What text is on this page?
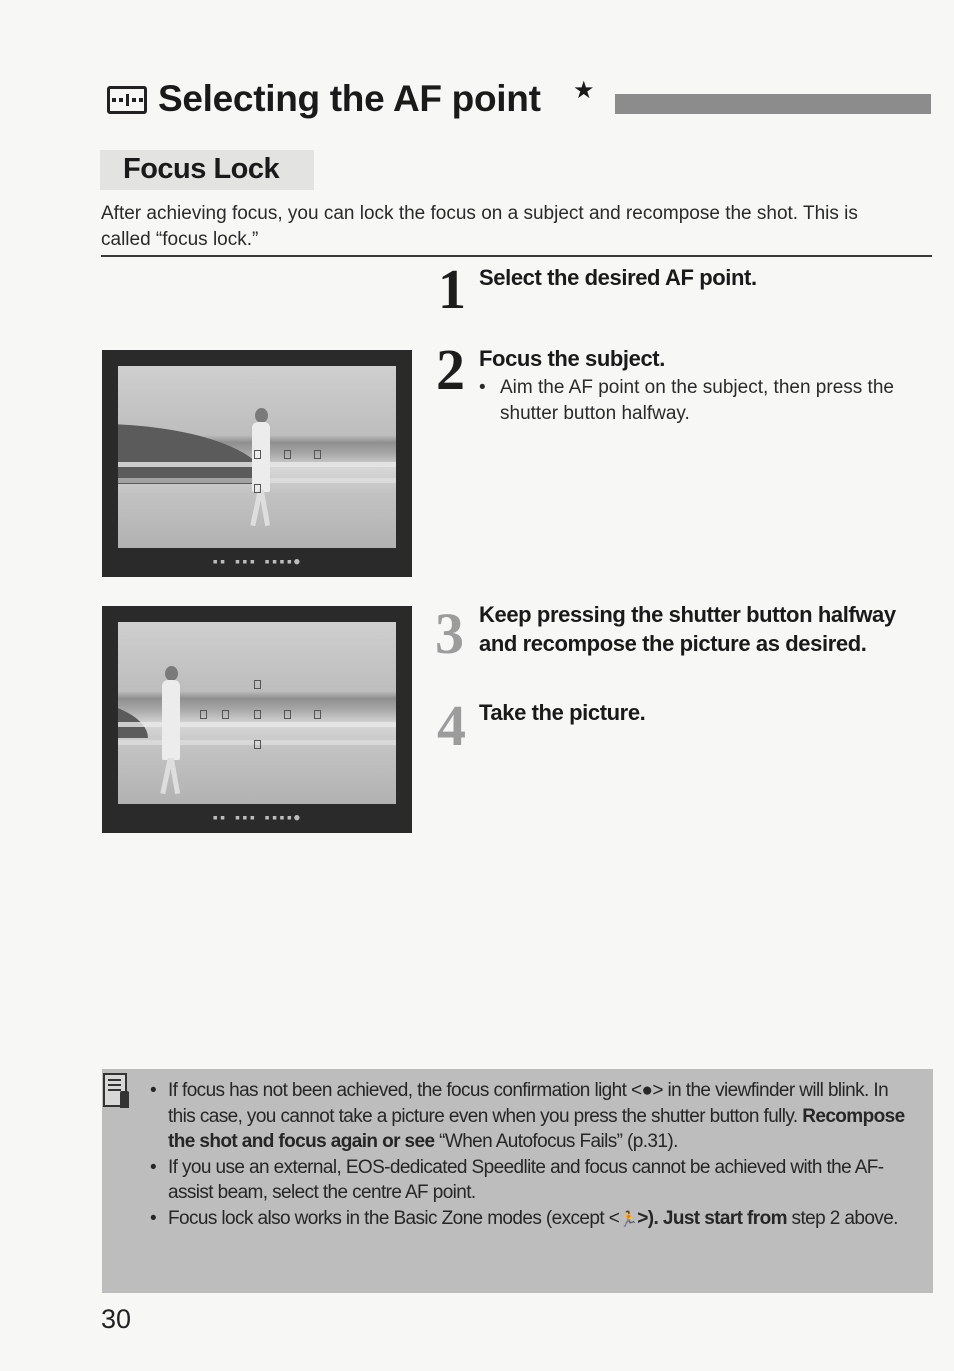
Selecting the AF point ★
Focus Lock
After achieving focus, you can lock the focus on a subject and recompose the shot. This is called “focus lock.”
1 Select the desired AF point.
2 Focus the subject.
• Aim the AF point on the subject, then press the shutter button halfway.
3 Keep pressing the shutter button halfway and recompose the picture as desired.
4 Take the picture.
▪▪ ▪▪▪ ▪▪▪▪●
▪▪ ▪▪▪ ▪▪▪▪●
• If focus has not been achieved, the focus confirmation light <●> in the viewfinder will blink. In this case, you cannot take a picture even when you press the shutter button fully. Recompose the shot and focus again or see “When Autofocus Fails” (p.31).
• If you use an external, EOS-dedicated Speedlite and focus cannot be achieved with the AF-assist beam, select the centre AF point.
• Focus lock also works in the Basic Zone modes (except <🏃>). Just start from step 2 above.
30
